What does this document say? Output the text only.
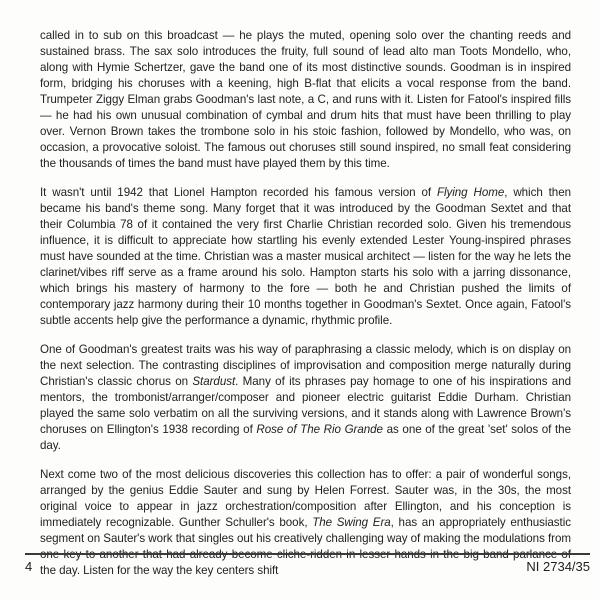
called in to sub on this broadcast — he plays the muted, opening solo over the chanting reeds and sustained brass. The sax solo introduces the fruity, full sound of lead alto man Toots Mondello, who, along with Hymie Schertzer, gave the band one of its most distinctive sounds. Goodman is in inspired form, bridging his choruses with a keening, high B-flat that elicits a vocal response from the band. Trumpeter Ziggy Elman grabs Goodman's last note, a C, and runs with it. Listen for Fatool's inspired fills — he had his own unusual combination of cymbal and drum hits that must have been thrilling to play over. Vernon Brown takes the trombone solo in his stoic fashion, followed by Mondello, who was, on occasion, a provocative soloist. The famous out choruses still sound inspired, no small feat considering the thousands of times the band must have played them by this time.

It wasn't until 1942 that Lionel Hampton recorded his famous version of Flying Home, which then became his band's theme song. Many forget that it was introduced by the Goodman Sextet and that their Columbia 78 of it contained the very first Charlie Christian recorded solo. Given his tremendous influence, it is difficult to appreciate how startling his evenly extended Lester Young-inspired phrases must have sounded at the time. Christian was a master musical architect — listen for the way he lets the clarinet/vibes riff serve as a frame around his solo. Hampton starts his solo with a jarring dissonance, which brings his mastery of harmony to the fore — both he and Christian pushed the limits of contemporary jazz harmony during their 10 months together in Goodman's Sextet. Once again, Fatool's subtle accents help give the performance a dynamic, rhythmic profile.

One of Goodman's greatest traits was his way of paraphrasing a classic melody, which is on display on the next selection. The contrasting disciplines of improvisation and composition merge naturally during Christian's classic chorus on Stardust. Many of its phrases pay homage to one of his inspirations and mentors, the trombonist/arranger/composer and pioneer electric guitarist Eddie Durham. Christian played the same solo verbatim on all the surviving versions, and it stands along with Lawrence Brown's choruses on Ellington's 1938 recording of Rose of The Rio Grande as one of the great 'set' solos of the day.

Next come two of the most delicious discoveries this collection has to offer: a pair of wonderful songs, arranged by the genius Eddie Sauter and sung by Helen Forrest. Sauter was, in the 30s, the most original voice to appear in jazz orchestration/composition after Ellington, and his conception is immediately recognizable. Gunther Schuller's book, The Swing Era, has an appropriately enthusiastic segment on Sauter's work that singles out his creatively challenging way of making the modulations from one key to another that had already become cliche-ridden in lesser hands in the big band parlance of the day. Listen for the way the key centers shift

4	NI 2734/35
